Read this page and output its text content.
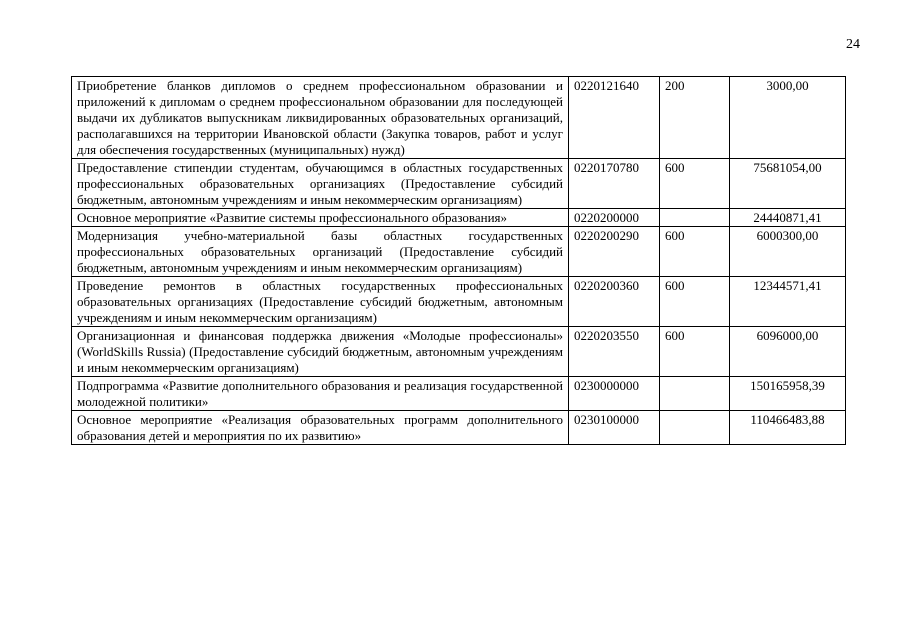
24
Приобретение бланков дипломов о среднем профессиональном образовании и приложений к дипломам о среднем профессиональном образовании для последующей выдачи их дубликатов выпускникам ликвидированных образовательных организаций, располагавшихся на территории Ивановской области (Закупка товаров, работ и услуг для обеспечения государственных (муниципальных) нужд)	0220121640	200	3000,00
Предоставление стипендии студентам, обучающимся в областных государственных профессиональных образовательных организациях (Предоставление субсидий бюджетным, автономным учреждениям и иным некоммерческим организациям)	0220170780	600	75681054,00
Основное мероприятие «Развитие системы профессионального образования»	0220200000		24440871,41
Модернизация учебно-материальной базы областных государственных профессиональных образовательных организаций (Предоставление субсидий бюджетным, автономным учреждениям и иным некоммерческим организациям)	0220200290	600	6000300,00
Проведение ремонтов в областных государственных профессиональных образовательных организациях (Предоставление субсидий бюджетным, автономным учреждениям и иным некоммерческим организациям)	0220200360	600	12344571,41
Организационная и финансовая поддержка движения «Молодые профессионалы» (WorldSkills Russia) (Предоставление субсидий бюджетным, автономным учреждениям и иным некоммерческим организациям)	0220203550	600	6096000,00
Подпрограмма «Развитие дополнительного образования и реализация государственной молодежной политики»	0230000000		150165958,39
Основное мероприятие «Реализация образовательных программ дополнительного образования детей и мероприятия по их развитию»	0230100000		110466483,88
